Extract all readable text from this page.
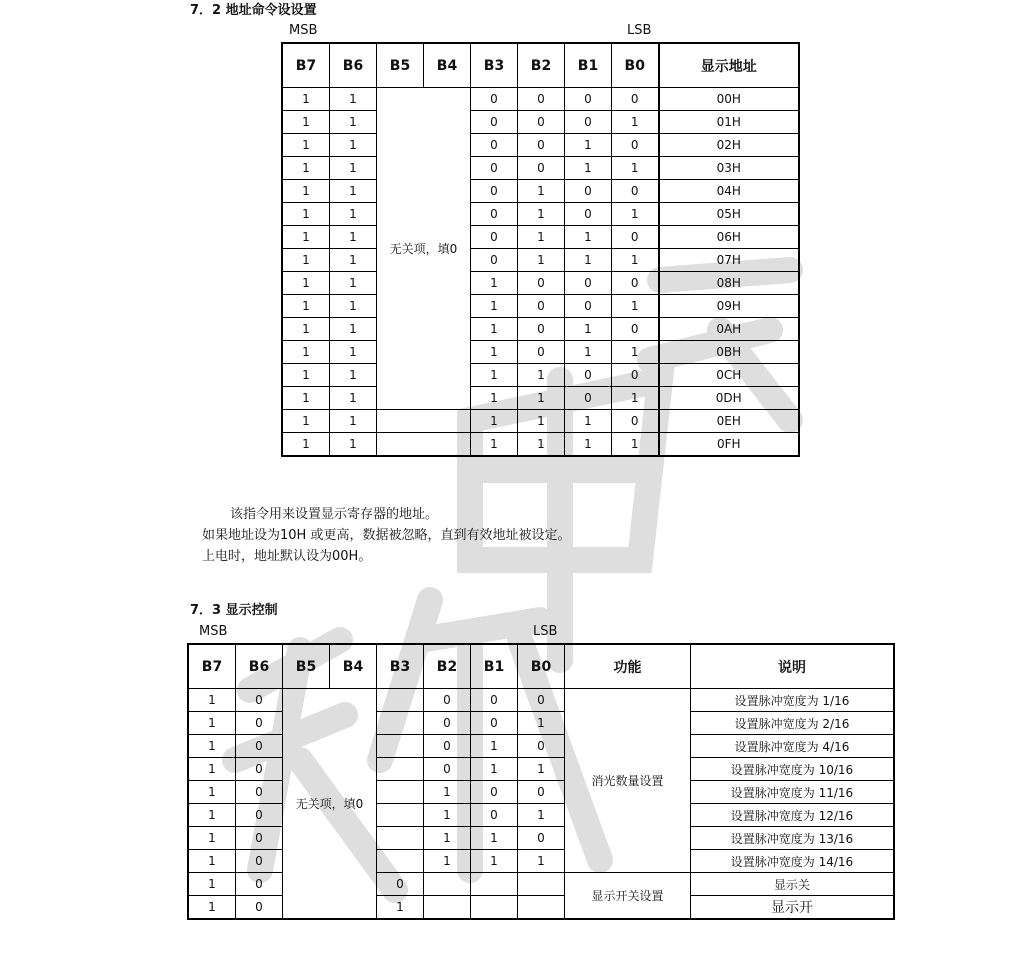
7．2 地址命令设设置
MSB	LSB
B7	B6	B5	B4	B3	B2	B1	B0	显示地址
1	1	无关项，填0		0	0	0	0	00H
1	1			0	0	0	1	01H
1	1			0	0	1	0	02H
1	1			0	0	1	1	03H
1	1			0	1	0	0	04H
1	1			0	1	0	1	05H
1	1			0	1	1	0	06H
1	1			0	1	1	1	07H
1	1			1	0	0	0	08H
1	1			1	0	0	1	09H
1	1			1	0	1	0	0AH
1	1			1	0	1	1	0BH
1	1			1	1	0	0	0CH
1	1			1	1	0	1	0DH
1	1			1	1	1	0	0EH
1	1			1	1	1	1	0FH
该指令用来设置显示寄存器的地址。
如果地址设为10H 或更高，数据被忽略，直到有效地址被设定。
上电时，地址默认设为00H。
7．3 显示控制
MSB	LSB
B7	B6	B5	B4	B3	B2	B1	B0	功能	说明
1	0	无关项，填0			0	0	0	消光数量设置	设置脉冲宽度为 1/16
1	0				0	0	1		设置脉冲宽度为 2/16
1	0				0	1	0		设置脉冲宽度为 4/16
1	0				0	1	1		设置脉冲宽度为 10/16
1	0				1	0	0		设置脉冲宽度为 11/16
1	0				1	0	1		设置脉冲宽度为 12/16
1	0				1	1	0		设置脉冲宽度为 13/16
1	0				1	1	1		设置脉冲宽度为 14/16
1	0			0				显示开关设置	显示关
1	0			1					显示开
